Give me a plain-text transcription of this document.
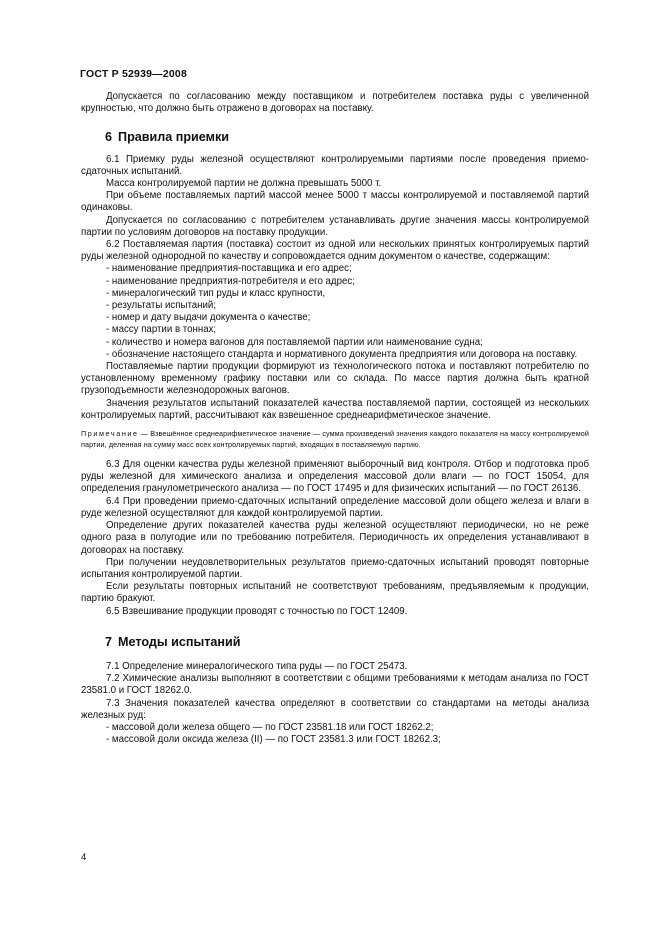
ГОСТ Р 52939—2008

Допускается по согласованию между поставщиком и потребителем поставка руды с увеличенной крупностью, что должно быть отражено в договорах на поставку.

6 Правила приемки

6.1 Приемку руды железной осуществляют контролируемыми партиями после проведения приемо-сдаточных испытаний.

Масса контролируемой партии не должна превышать 5000 т.

При объеме поставляемых партий массой менее 5000 т массы контролируемой и поставляемой партий одинаковы.

Допускается по согласованию с потребителем устанавливать другие значения массы контролируемой партии по условиям договоров на поставку продукции.

6.2 Поставляемая партия (поставка) состоит из одной или нескольких принятых контролируемых партий руды железной однородной по качеству и сопровождается одним документом о качестве, содержащим:

- наименование предприятия-поставщика и его адрес;

- наименование предприятия-потребителя и его адрес;

- минералогический тип руды и класс крупности,

- результаты испытаний;

- номер и дату выдачи документа о качестве;

- массу партии в тоннах;

- количество и номера вагонов для поставляемой партии или наименование судна;

- обозначение настоящего стандарта и нормативного документа предприятия или договора на поставку.

Поставляемые партии продукции формируют из технологического потока и поставляют потребителю по установленному временному графику поставки или со склада. По массе партия должна быть кратной грузоподъемности железнодорожных вагонов.

Значения результатов испытаний показателей качества поставляемой партии, состоящей из нескольких контролируемых партий, рассчитывают как взвешенное среднеарифметическое значение.

Примечание — Взвешённое среднеарифметическое значение — сумма произведений значения каждого показателя на массу контролируемой партии, деленная на сумму масс всех контролируемых партий, входящих в поставляемую партию.

6.3 Для оценки качества руды железной применяют выборочный вид контроля. Отбор и подготовка проб руды железной для химического анализа и определения массовой доли влаги — по ГОСТ 15054, для определения гранулометрического анализа — по ГОСТ 17495 и для физических испытаний — по ГОСТ 26136.

6.4 При проведении приемо-сдаточных испытаний определение массовой доли общего железа и влаги в руде железной осуществляют для каждой контролируемой партии.

Определение других показателей качества руды железной осуществляют периодически, но не реже одного раза в полугодие или по требованию потребителя. Периодичность их определения устанавливают в договорах на поставку.

При получении неудовлетворительных результатов приемо-сдаточных испытаний проводят повторные испытания контролируемой партии.

Если результаты повторных испытаний не соответствуют требованиям, предъявляемым к продукции, партию бракуют.

6.5 Взвешивание продукции проводят с точностью по ГОСТ 12409.

7 Методы испытаний

7.1 Определение минералогического типа руды — по ГОСТ 25473.

7.2 Химические анализы выполняют в соответствии с общими требованиями к методам анализа по ГОСТ 23581.0 и ГОСТ 18262.0.

7.3 Значения показателей качества определяют в соответствии со стандартами на методы анализа железных руд:

- массовой доли железа общего — по ГОСТ 23581.18 или ГОСТ 18262.2;

- массовой доли оксида железа (II) — по ГОСТ 23581.3 или ГОСТ 18262.3;

4
